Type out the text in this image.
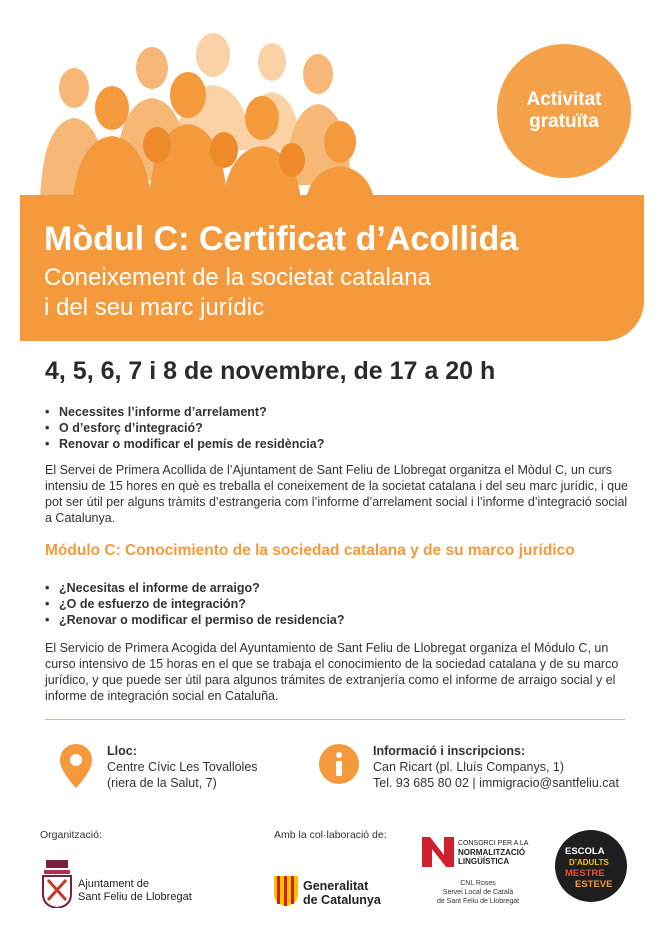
Activitat
gratuïta
Mòdul C: Certificat d’Acollida
Coneixement de la societat catalana
i del seu marc jurídic
4, 5, 6, 7 i 8 de novembre, de 17 a 20 h
• Necessites l’informe d’arrelament?
• O d’esforç d’integració?
• Renovar o modificar el pemís de residència?
El Servei de Primera Acollida de l’Ajuntament de Sant Feliu de Llobregat organitza el Mòdul C, un curs intensiu de 15 hores en què es treballa el coneixement de la societat catalana i del seu marc jurídic, i que pot ser útil per alguns tràmits d’estrangeria com l’informe d’arrelament social i l’informe d’integració social a Catalunya.
Módulo C: Conocimiento de la sociedad catalana y de su marco jurídico
• ¿Necesitas el informe de arraigo?
• ¿O de esfuerzo de integración?
• ¿Renovar o modificar el permiso de residencia?
El Servicio de Primera Acogida del Ayuntamiento de Sant Feliu de Llobregat organiza el Módulo C, un curso intensivo de 15 horas en el que se trabaja el conocimiento de la sociedad catalana y de su marco jurídico, y que puede ser útil para algunos trámites de extranjería como el informe de arraigo social y el informe de integración social en Cataluña.
Lloc:
Centre Cívic Les Tovalloles
(riera de la Salut, 7)
Informació i inscripcions:
Can Ricart (pl. Lluís Companys, 1)
Tel. 93 685 80 02 | immigracio@santfeliu.cat
Organització:	Amb la col·laboració de:
Ajuntament de
Sant Feliu de Llobregat
Generalitat
de Catalunya
CONSORCI PER A LA
NORMALITZACIÓ
LINGÜÍSTICA
CNL Roses
Servei Local de Català
de Sant Feliu de Llobregat
ESCOLA
D’ADULTS
MESTRE
ESTEVE
